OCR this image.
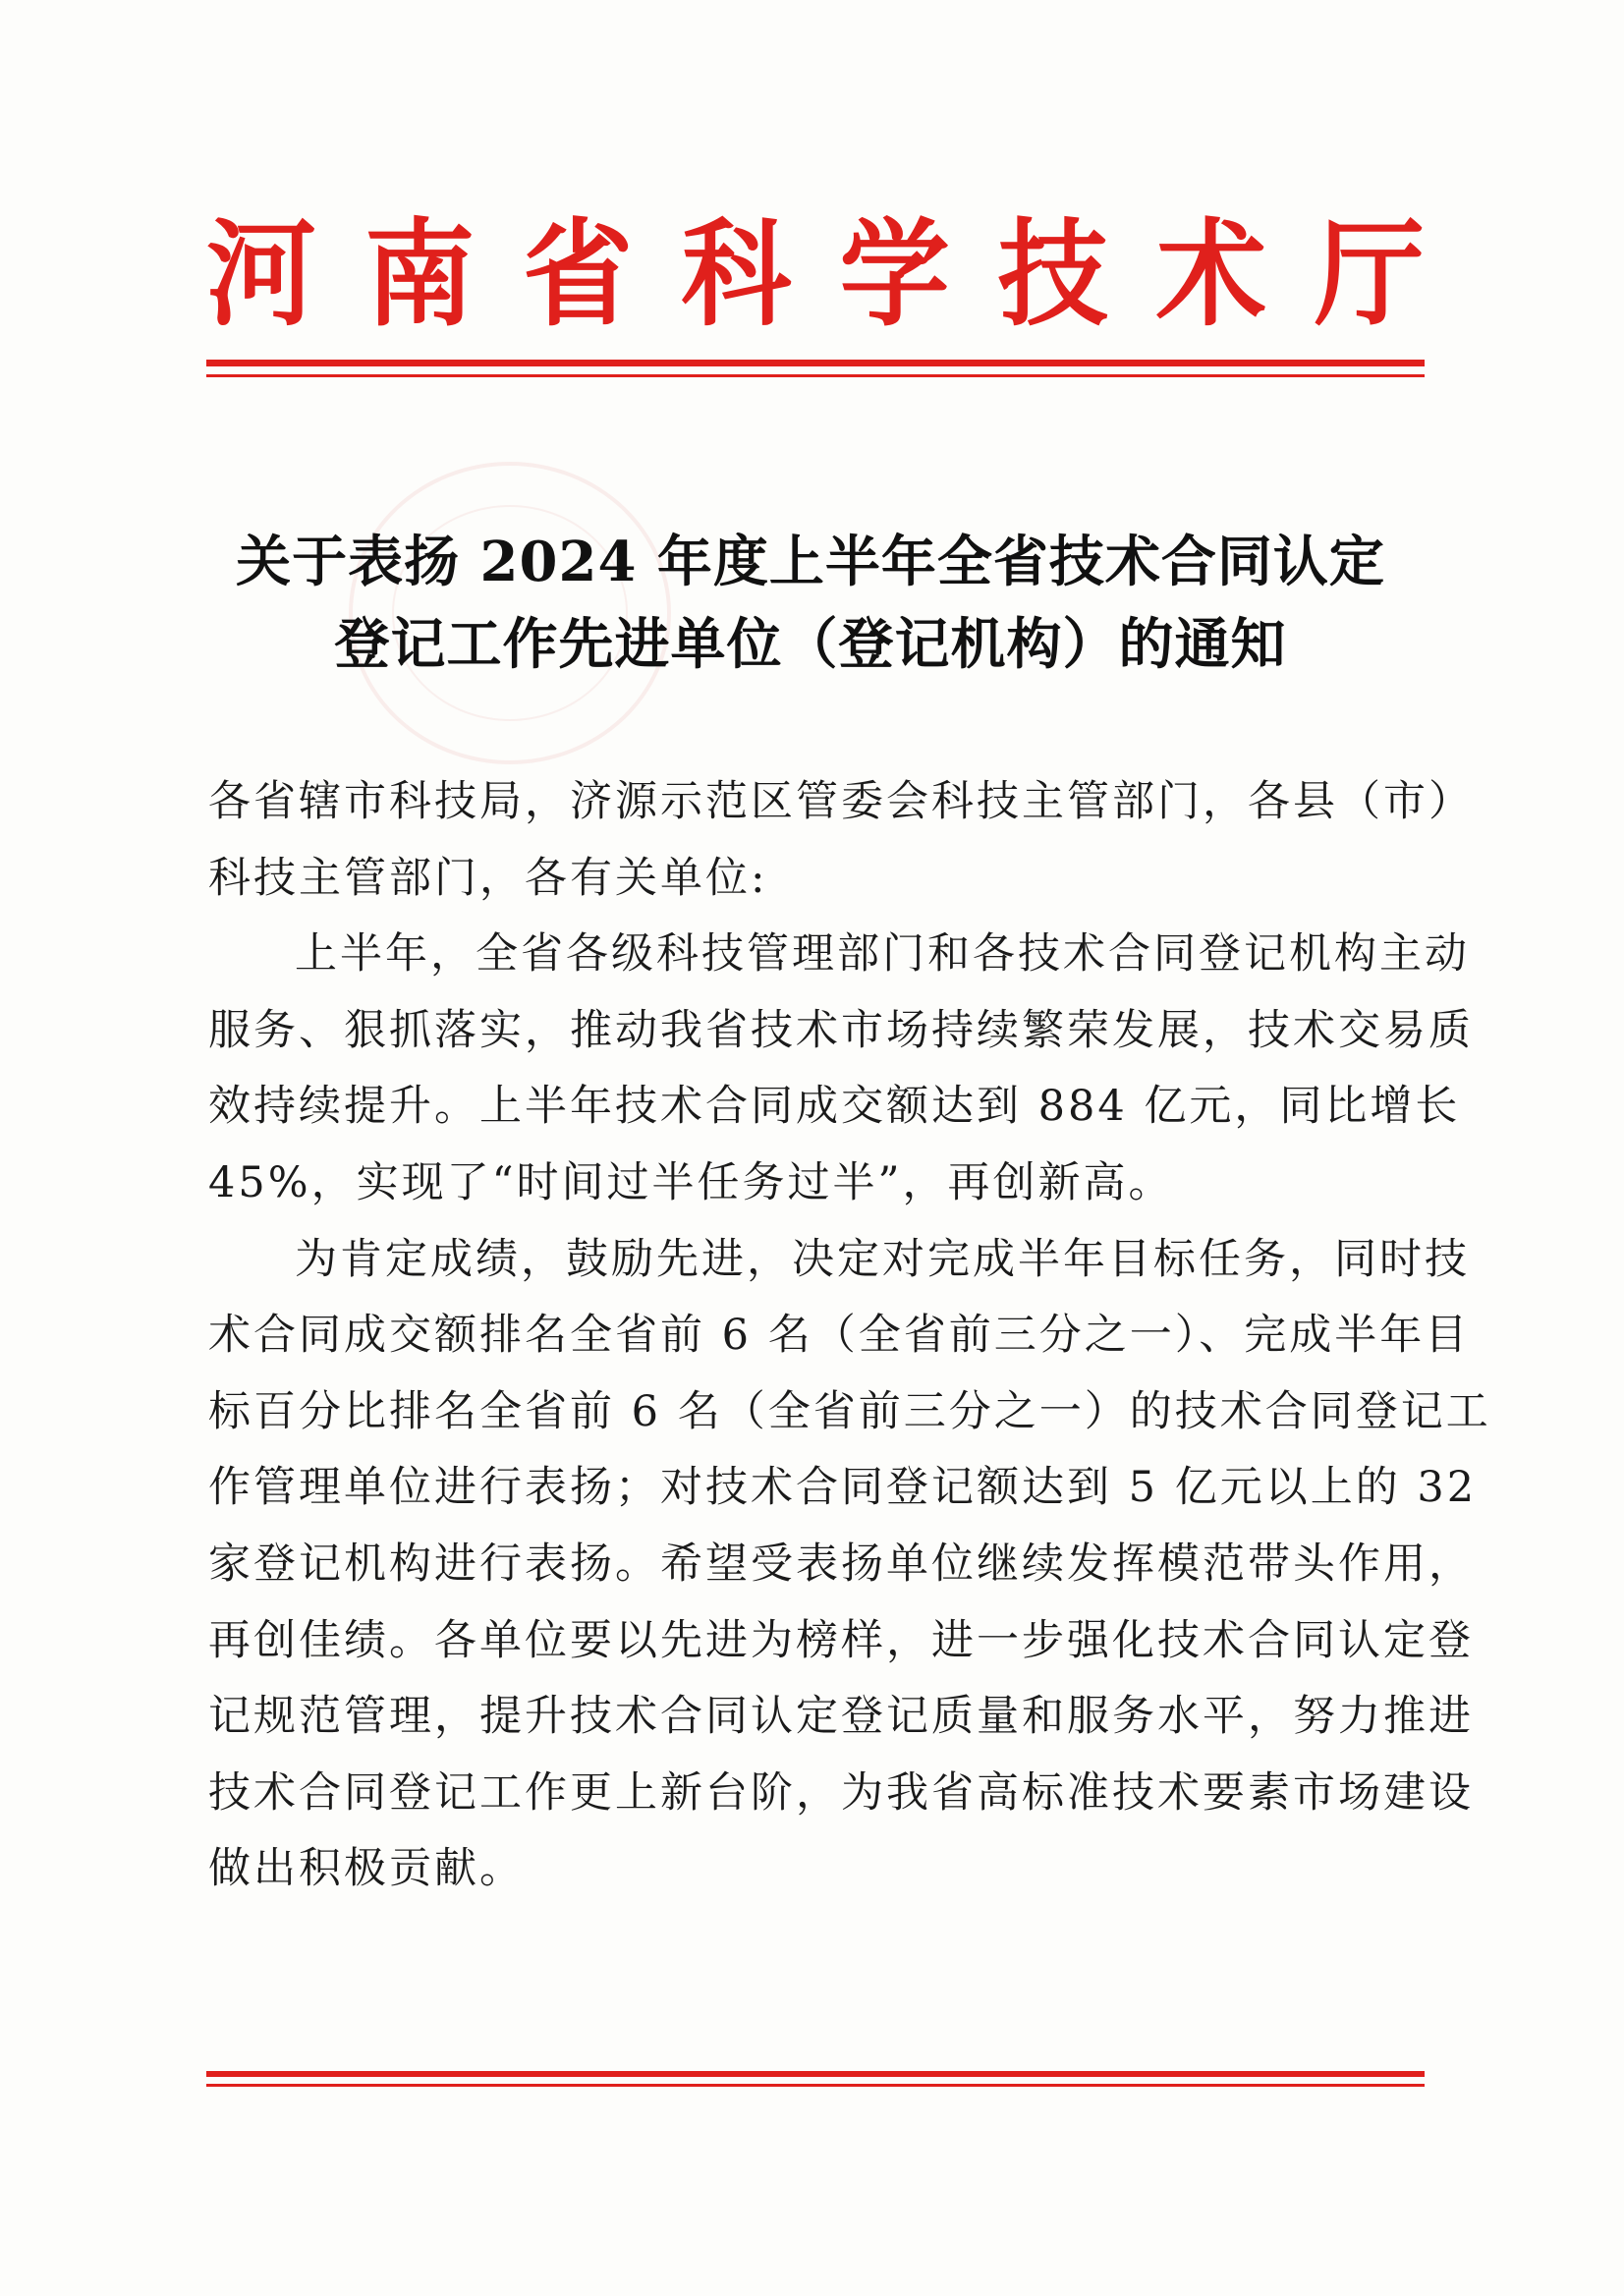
河 南 省 科 学 技 术 厅
关于表扬 2024 年度上半年全省技术合同认定
登记工作先进单位（登记机构）的通知

各省辖市科技局，济源示范区管委会科技主管部门，各县（市）
科技主管部门，各有关单位:

上半年，全省各级科技管理部门和各技术合同登记机构主动
服务、狠抓落实，推动我省技术市场持续繁荣发展，技术交易质
效持续提升。上半年技术合同成交额达到 884 亿元，同比增长
45%，实现了“时间过半任务过半”，再创新高。

为肯定成绩，鼓励先进，决定对完成半年目标任务，同时技
术合同成交额排名全省前 6 名（全省前三分之一）、完成半年目
标百分比排名全省前 6 名（全省前三分之一）的技术合同登记工
作管理单位进行表扬；对技术合同登记额达到 5 亿元以上的 32
家登记机构进行表扬。希望受表扬单位继续发挥模范带头作用，
再创佳绩。各单位要以先进为榜样，进一步强化技术合同认定登
记规范管理，提升技术合同认定登记质量和服务水平，努力推进
技术合同登记工作更上新台阶，为我省高标准技术要素市场建设
做出积极贡献。
